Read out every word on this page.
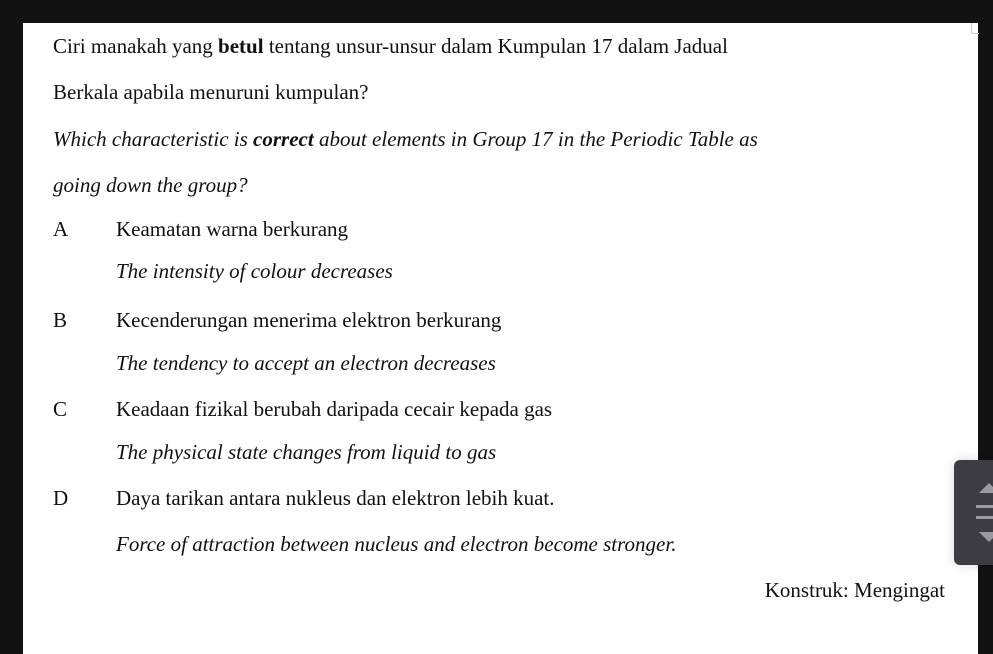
Ciri manakah yang betul tentang unsur-unsur dalam Kumpulan 17 dalam Jadual
Berkala apabila menuruni kumpulan?
Which characteristic is correct about elements in Group 17 in the Periodic Table as
going down the group?
A Keamatan warna berkurang
The intensity of colour decreases
B Kecenderungan menerima elektron berkurang
The tendency to accept an electron decreases
C Keadaan fizikal berubah daripada cecair kepada gas
The physical state changes from liquid to gas
D Daya tarikan antara nukleus dan elektron lebih kuat.
Force of attraction between nucleus and electron become stronger.
Konstruk: Mengingat
